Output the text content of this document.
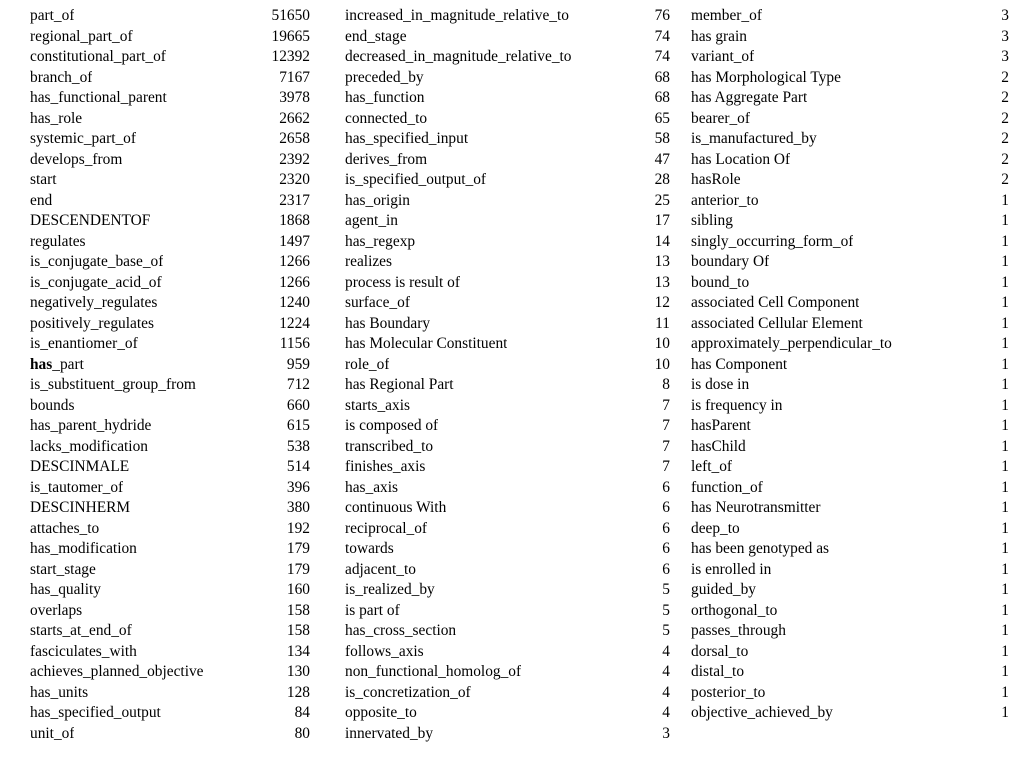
part_of	51650
regional_part_of	19665
constitutional_part_of	12392
branch_of	7167
has_functional_parent	3978
has_role	2662
systemic_part_of	2658
develops_from	2392
start	2320
end	2317
DESCENDENTOF	1868
regulates	1497
is_conjugate_base_of	1266
is_conjugate_acid_of	1266
negatively_regulates	1240
positively_regulates	1224
is_enantiomer_of	1156
has_part	959
is_substituent_group_from	712
bounds	660
has_parent_hydride	615
lacks_modification	538
DESCINMALE	514
is_tautomer_of	396
DESCINHERM	380
attaches_to	192
has_modification	179
start_stage	179
has_quality	160
overlaps	158
starts_at_end_of	158
fasciculates_with	134
achieves_planned_objective	130
has_units	128
has_specified_output	84
unit_of	80
increased_in_magnitude_relative_to	76
end_stage	74
decreased_in_magnitude_relative_to	74
preceded_by	68
has_function	68
connected_to	65
has_specified_input	58
derives_from	47
is_specified_output_of	28
has_origin	25
agent_in	17
has_regexp	14
realizes	13
process is result of	13
surface_of	12
has Boundary	11
has Molecular Constituent	10
role_of	10
has Regional Part	8
starts_axis	7
is composed of	7
transcribed_to	7
finishes_axis	7
has_axis	6
continuous With	6
reciprocal_of	6
towards	6
adjacent_to	6
is_realized_by	5
is part of	5
has_cross_section	5
follows_axis	4
non_functional_homolog_of	4
is_concretization_of	4
opposite_to	4
innervated_by	3
member_of	3
has grain	3
variant_of	3
has Morphological Type	2
has Aggregate Part	2
bearer_of	2
is_manufactured_by	2
has Location Of	2
hasRole	2
anterior_to	1
sibling	1
singly_occurring_form_of	1
boundary Of	1
bound_to	1
associated Cell Component	1
associated Cellular Element	1
approximately_perpendicular_to	1
has Component	1
is dose in	1
is frequency in	1
hasParent	1
hasChild	1
left_of	1
function_of	1
has Neurotransmitter	1
deep_to	1
has been genotyped as	1
is enrolled in	1
guided_by	1
orthogonal_to	1
passes_through	1
dorsal_to	1
distal_to	1
posterior_to	1
objective_achieved_by	1
